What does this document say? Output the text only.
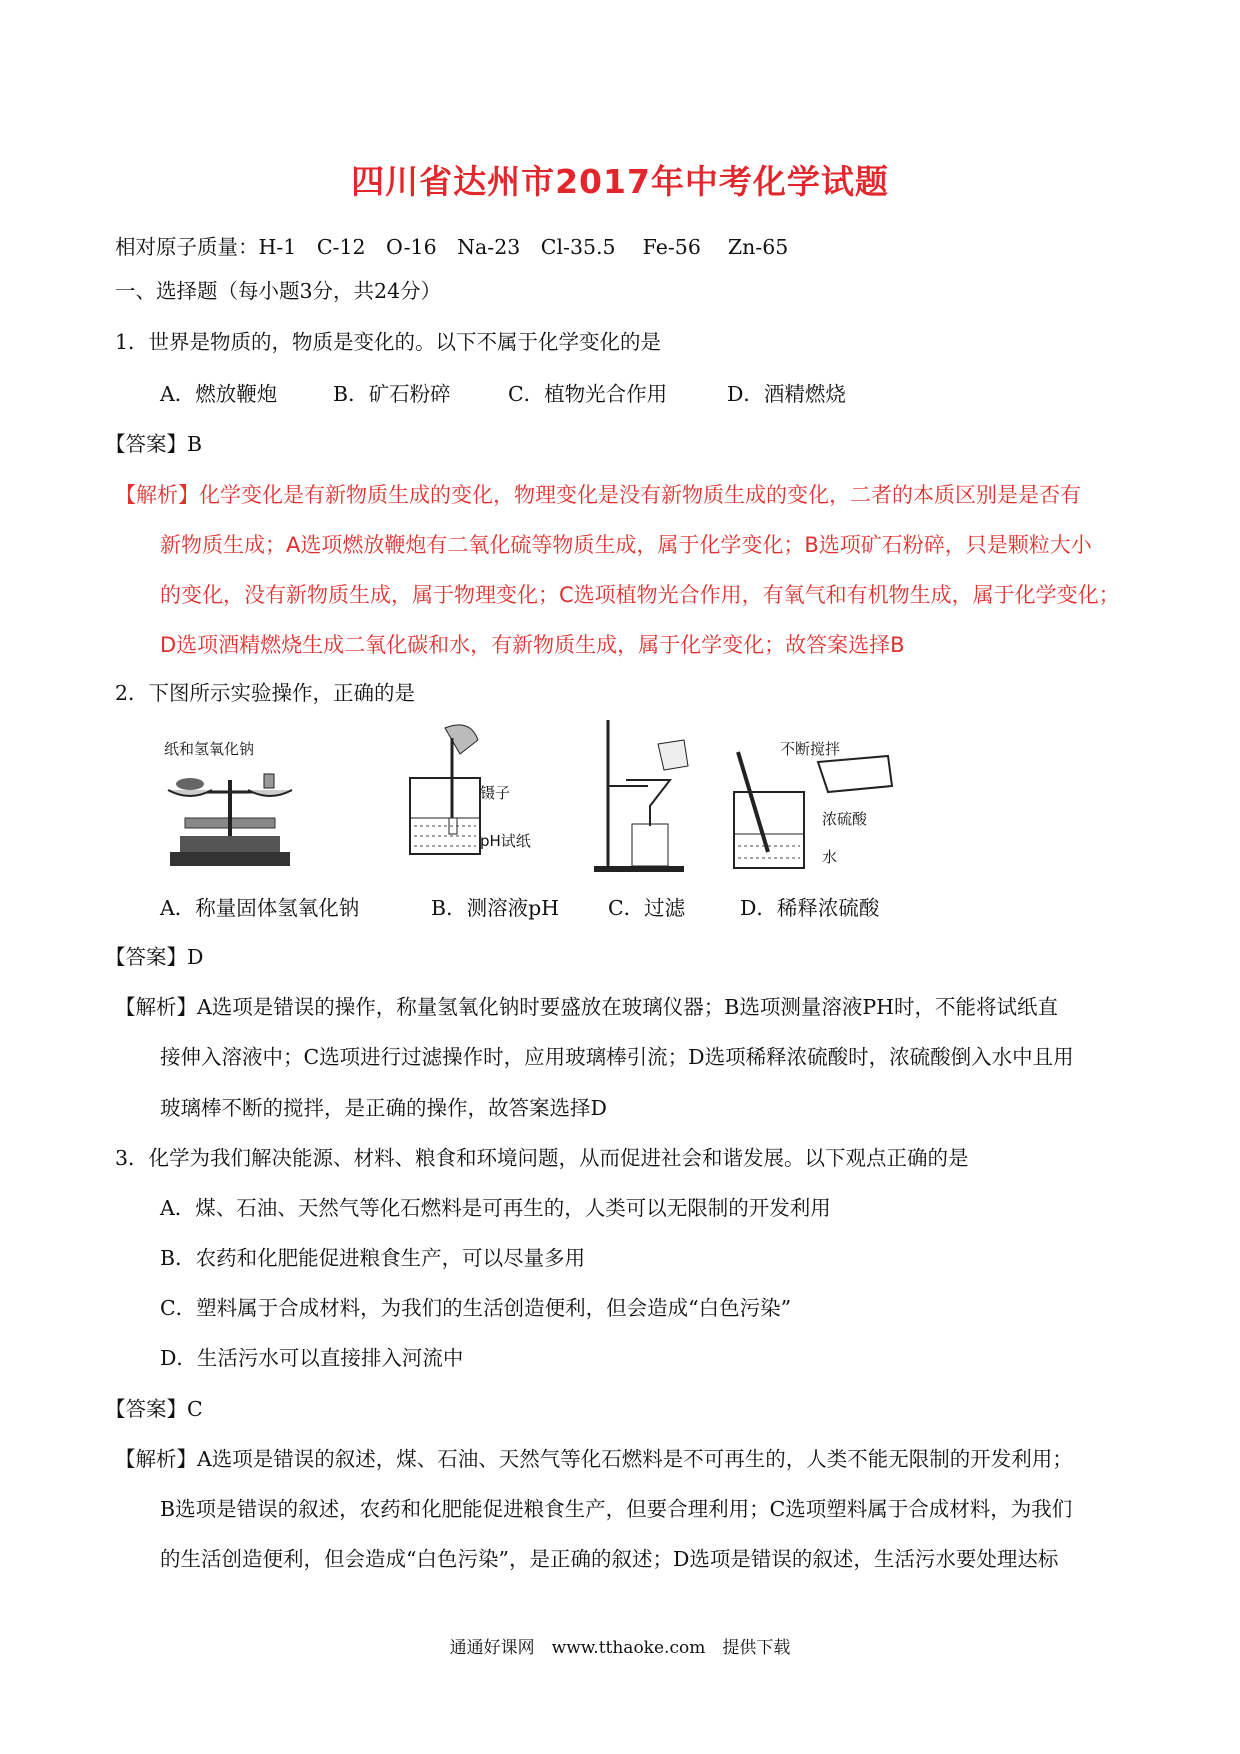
四川省达州市2017年中考化学试题
相对原子质量：H-1　C-12　O-16　Na-23　Cl-35.5　 Fe-56　 Zn-65
一、选择题（每小题3分，共24分）
1．世界是物质的，物质是变化的。以下不属于化学变化的是
A．燃放鞭炮	B．矿石粉碎	C．植物光合作用	D．酒精燃烧
【答案】B
【解析】化学变化是有新物质生成的变化，物理变化是没有新物质生成的变化，二者的本质区别是是否有
新物质生成；A选项燃放鞭炮有二氧化硫等物质生成，属于化学变化；B选项矿石粉碎，只是颗粒大小
的变化，没有新物质生成，属于物理变化；C选项植物光合作用，有氧气和有机物生成，属于化学变化；
D选项酒精燃烧生成二氧化碳和水，有新物质生成，属于化学变化；故答案选择B
2．下图所示实验操作，正确的是
纸和氢氧化钠
镊子
pH试纸
不断搅拌
浓硫酸
水
A．称量固体氢氧化钠	B．测溶液pH C．过滤	D．稀释浓硫酸
【答案】D
【解析】A选项是错误的操作，称量氢氧化钠时要盛放在玻璃仪器；B选项测量溶液PH时，不能将试纸直
接伸入溶液中；C选项进行过滤操作时，应用玻璃棒引流；D选项稀释浓硫酸时，浓硫酸倒入水中且用
玻璃棒不断的搅拌，是正确的操作，故答案选择D
3．化学为我们解决能源、材料、粮食和环境问题，从而促进社会和谐发展。以下观点正确的是
A．煤、石油、天然气等化石燃料是可再生的，人类可以无限制的开发利用
B．农药和化肥能促进粮食生产，可以尽量多用
C．塑料属于合成材料，为我们的生活创造便利，但会造成“白色污染”
D．生活污水可以直接排入河流中
【答案】C
【解析】A选项是错误的叙述，煤、石油、天然气等化石燃料是不可再生的，人类不能无限制的开发利用；
B选项是错误的叙述，农药和化肥能促进粮食生产，但要合理利用；C选项塑料属于合成材料，为我们
的生活创造便利，但会造成“白色污染”，是正确的叙述；D选项是错误的叙述，生活污水要处理达标
通通好课网　www.tthaoke.com　提供下载
